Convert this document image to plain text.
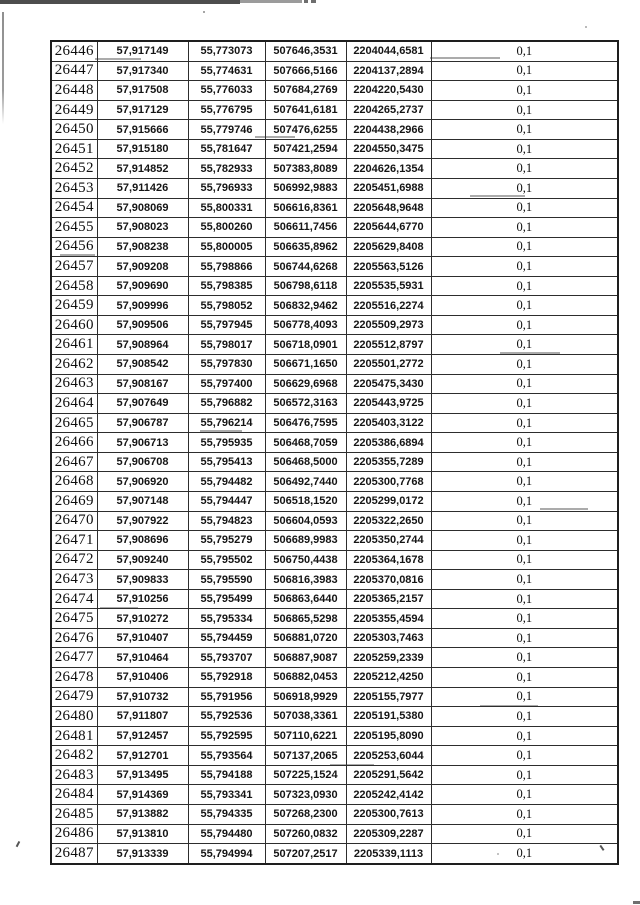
26446	57,917149	55,773073	507646,3531	2204044,6581	0,1
26447	57,917340	55,774631	507666,5166	2204137,2894	0,1
26448	57,917508	55,776033	507684,2769	2204220,5430	0,1
26449	57,917129	55,776795	507641,6181	2204265,2737	0,1
26450	57,915666	55,779746	507476,6255	2204438,2966	0,1
26451	57,915180	55,781647	507421,2594	2204550,3475	0,1
26452	57,914852	55,782933	507383,8089	2204626,1354	0,1
26453	57,911426	55,796933	506992,9883	2205451,6988	0,1
26454	57,908069	55,800331	506616,8361	2205648,9648	0,1
26455	57,908023	55,800260	506611,7456	2205644,6770	0,1
26456	57,908238	55,800005	506635,8962	2205629,8408	0,1
26457	57,909208	55,798866	506744,6268	2205563,5126	0,1
26458	57,909690	55,798385	506798,6118	2205535,5931	0,1
26459	57,909996	55,798052	506832,9462	2205516,2274	0,1
26460	57,909506	55,797945	506778,4093	2205509,2973	0,1
26461	57,908964	55,798017	506718,0901	2205512,8797	0,1
26462	57,908542	55,797830	506671,1650	2205501,2772	0,1
26463	57,908167	55,797400	506629,6968	2205475,3430	0,1
26464	57,907649	55,796882	506572,3163	2205443,9725	0,1
26465	57,906787	55,796214	506476,7595	2205403,3122	0,1
26466	57,906713	55,795935	506468,7059	2205386,6894	0,1
26467	57,906708	55,795413	506468,5000	2205355,7289	0,1
26468	57,906920	55,794482	506492,7440	2205300,7768	0,1
26469	57,907148	55,794447	506518,1520	2205299,0172	0,1
26470	57,907922	55,794823	506604,0593	2205322,2650	0,1
26471	57,908696	55,795279	506689,9983	2205350,2744	0,1
26472	57,909240	55,795502	506750,4438	2205364,1678	0,1
26473	57,909833	55,795590	506816,3983	2205370,0816	0,1
26474	57,910256	55,795499	506863,6440	2205365,2157	0,1
26475	57,910272	55,795334	506865,5298	2205355,4594	0,1
26476	57,910407	55,794459	506881,0720	2205303,7463	0,1
26477	57,910464	55,793707	506887,9087	2205259,2339	0,1
26478	57,910406	55,792918	506882,0453	2205212,4250	0,1
26479	57,910732	55,791956	506918,9929	2205155,7977	0,1
26480	57,911807	55,792536	507038,3361	2205191,5380	0,1
26481	57,912457	55,792595	507110,6221	2205195,8090	0,1
26482	57,912701	55,793564	507137,2065	2205253,6044	0,1
26483	57,913495	55,794188	507225,1524	2205291,5642	0,1
26484	57,914369	55,793341	507323,0930	2205242,4142	0,1
26485	57,913882	55,794335	507268,2300	2205300,7613	0,1
26486	57,913810	55,794480	507260,0832	2205309,2287	0,1
26487	57,913339	55,794994	507207,2517	2205339,1113	0,1
